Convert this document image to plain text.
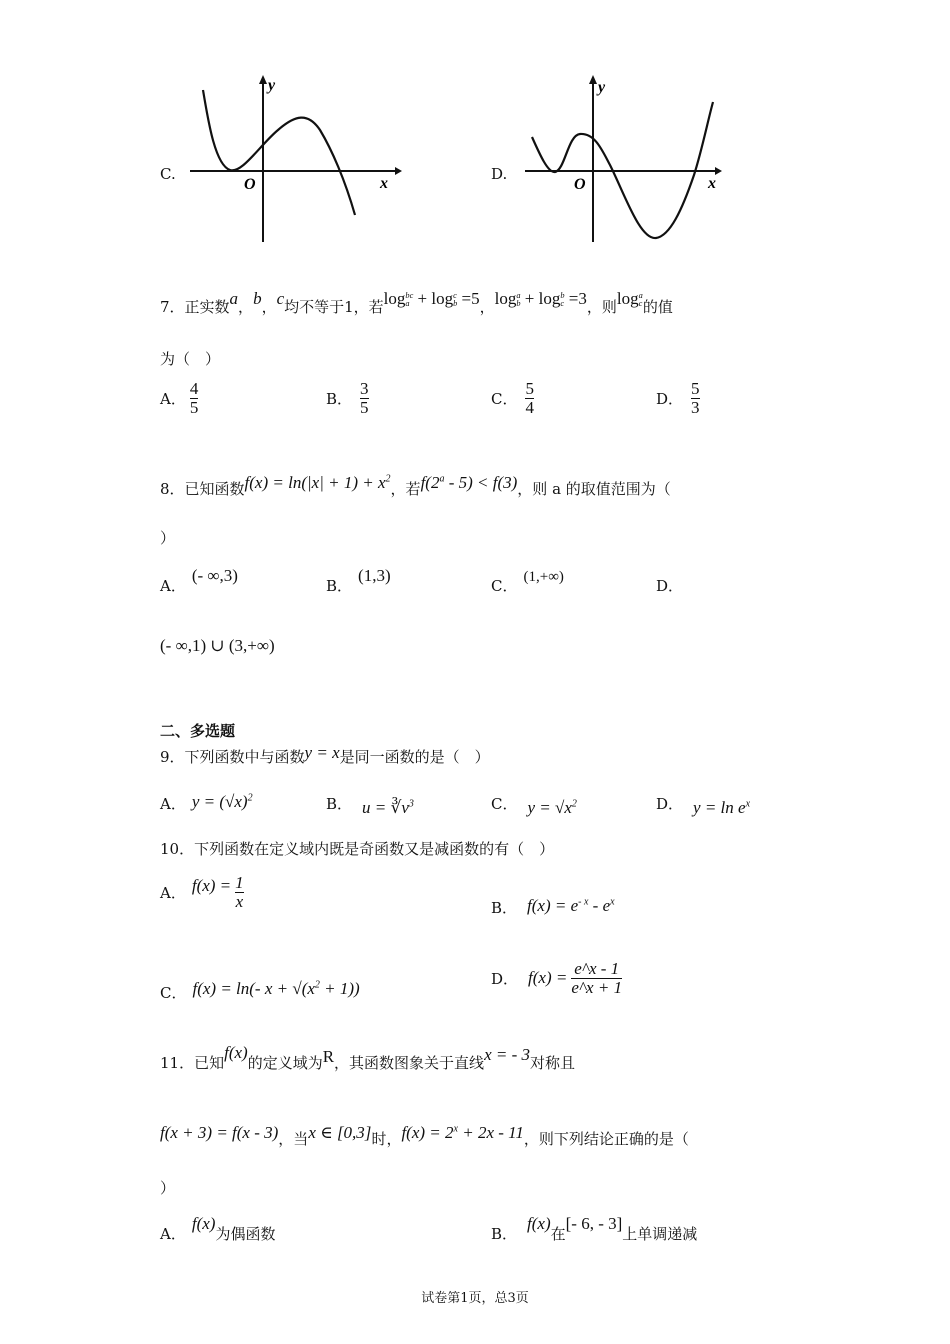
C.
y
x
O
D.
y
x
O
7．正实数a，b，c均不等于1，若log bc
a + log c
b =5，log a
b + log b
c =3，则log a
c 的值
为（　）
A． $\frac{4}{5}$	B． $\frac{3}{5}$	C． $\frac{5}{4}$	D． $\frac{5}{3}$
8．已知函数$f(x) = \ln(|x| + 1) + x^2$，若f(2$^a$ - 5) < f(3)，则 a 的取值范围为（
）
A．(- ∞,3)
B．(1,3)
C． (1,+∞)	D．
(- ∞,1) ∪ (3,+∞)
二、多选题
9．下列函数中与函数y = x是同一函数的是（　）
A． $y = (√x)^2$	B． $u = ∛v^3$	C． $y = √x^2$	D． $y = \ln e^x$
10．下列函数在定义域内既是奇函数又是减函数的有（　）
A． $f(x) = \frac{1}{x}$	B． $f(x) = e^{- x} - e^x$
C． f(x) = ln(- $x + √(x^2 + 1)$)
D． $f(x) = \frac{e\^{}x - 1}{e\^{}x + 1}$
11．已知f(x)的定义域为R，其函数图象关于直线x = - 3对称且
f(x + 3) = f(x - 3)，当x ∈ [0,3]时，$f(x) = 2^x + 2x - 11$，则下列结论正确的是（
）
A．f(x)为偶函数	B．f(x)在[- 6, - 3]上单调递减
试卷第1页，总3页
